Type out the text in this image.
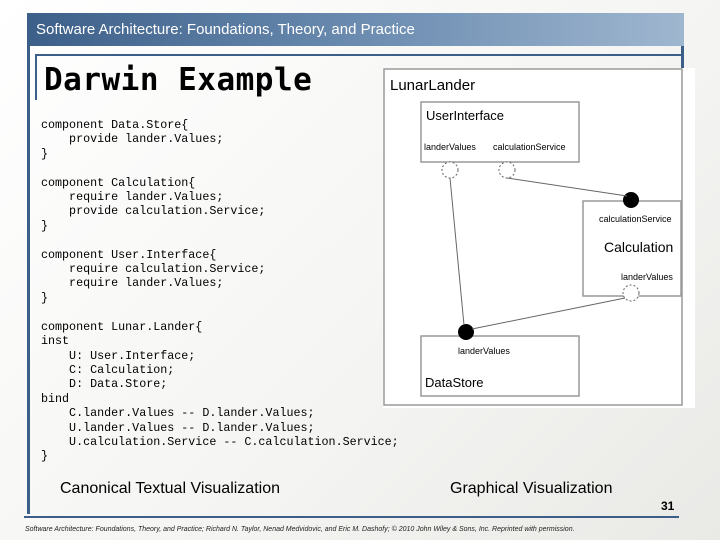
Software Architecture: Foundations, Theory, and Practice
Darwin Example
component Data.Store{
provide lander.Values;
}

component Calculation{
require lander.Values;
provide calculation.Service;
}

component User.Interface{
require calculation.Service;
require lander.Values;
}

component Lunar.Lander{
inst
U: User.Interface;
C: Calculation;
D: Data.Store;
bind
C.lander.Values -- D.lander.Values;
U.lander.Values -- D.lander.Values;
U.calculation.Service -- C.calculation.Service;
}
LunarLander
UserInterface
landerValues calculationService
calculationService
Calculation
landerValues
landerValues
DataStore
Canonical Textual Visualization	Graphical Visualization
31
Software Architecture: Foundations, Theory, and Practice; Richard N. Taylor, Nenad Medvidovic, and Eric M. Dashofy; © 2010 John Wiley & Sons, Inc. Reprinted with permission.
